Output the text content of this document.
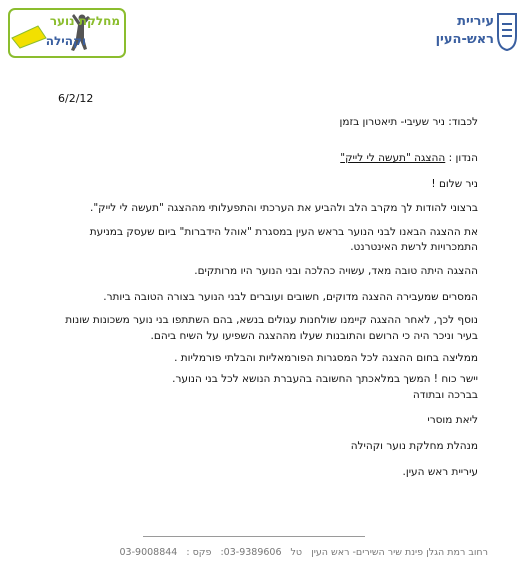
מחלקת נוער
וקהילה
עיריית
ראש-העין
6/2/12
לכבוד: ניר שעיבי- תיאטרון בזמן
הנדון : ההצגה "תעשה לי לייק"
ניר שלום !
ברצוני להודות לך מקרב הלב ולהביע את הערכתי והתפעלותי מההצגה "תעשה לי לייק".
את ההצגה הבאנו לבני הנוער בראש העין במסגרת "אוהל הידברות" ביום שעסק במניעת
התמכרויות לרשת האינטרנט.
ההצגה היתה טובה מאד, עשויה כהלכה ובני הנוער היו מרותקים.
המסרים שמעבירה ההצגה מדוקים, חשובים ועוברים לבני הנוער בצורה הטובה ביותר.
נוסף לכך, לאחר ההצגה קיימנו שולחנות עגולים בנשא, בהם השתתפו בני נוער משכונות שונות
בעיר וניכר היה כי הרושם והתובנות שעלו מההצגה השפיעו על השיח ביהם.
ממליצה בחום ההצגה לכל המסגרות הפורמאליות והבלתי פורמליות .
יישר כוח ! המשך במלאכתך החשובה בהעברת הנושא לכל בני הנוער.
בברכה ובתודה
ליאת מוסרי
מנהלת מחלקת נוער וקהילה
עיריית ראש העין.
רחוב רמת הגלן פינת שיר השירים- ראש העין טל 03-9389606: פקס : 03-9008844
